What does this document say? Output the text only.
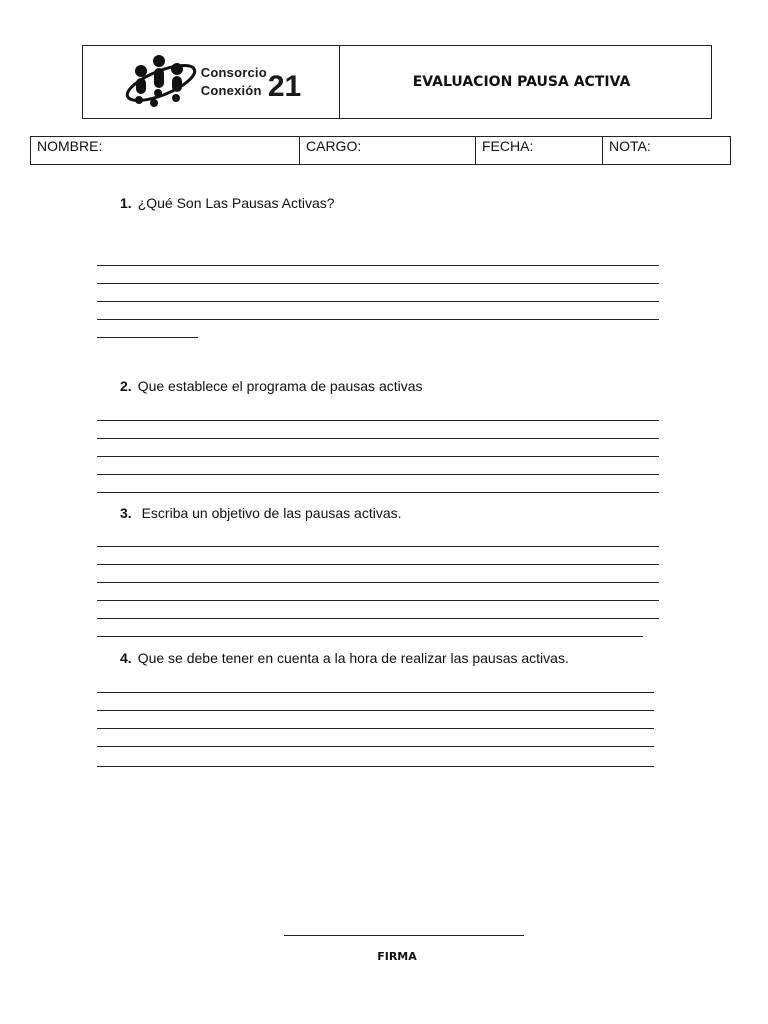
Consorcio
Conexión 21	EVALUACION PAUSA ACTIVA
NOMBRE:	CARGO:	FECHA:	NOTA:
1. ¿Qué Son Las Pausas Activas?
2. Que establece el programa de pausas activas
3. Escriba un objetivo de las pausas activas.
4. Que se debe tener en cuenta a la hora de realizar las pausas activas.
FIRMA
